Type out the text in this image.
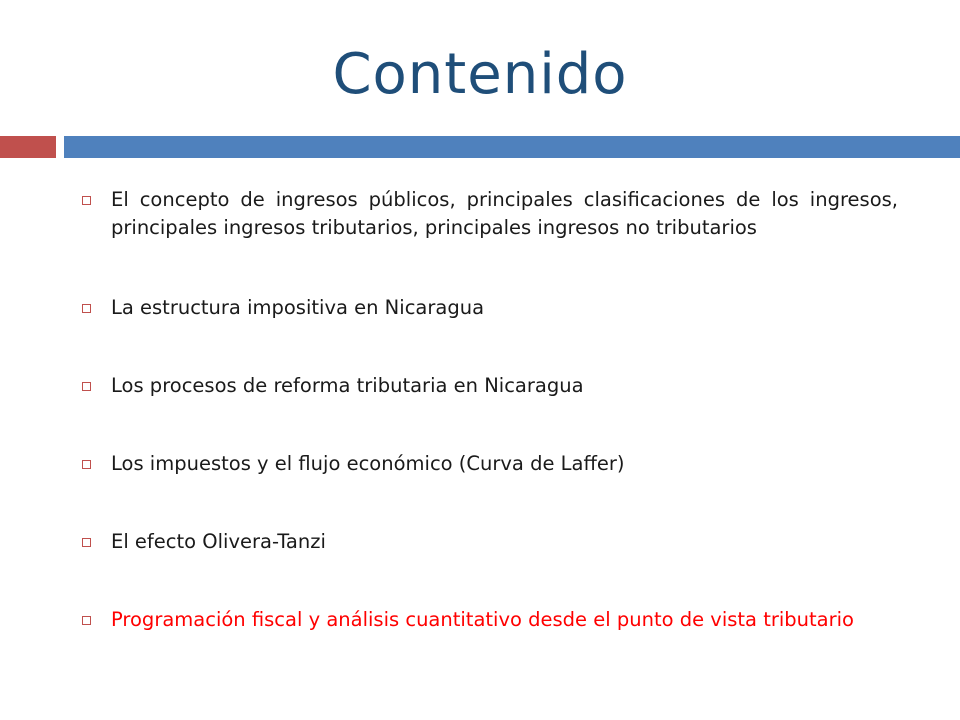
Contenido
El concepto de ingresos públicos, principales clasificaciones de los ingresos, principales ingresos tributarios, principales ingresos no tributarios
La estructura impositiva en Nicaragua
Los procesos de reforma tributaria en Nicaragua
Los impuestos y el flujo económico (Curva de Laffer)
El efecto Olivera-Tanzi
Programación fiscal y análisis cuantitativo desde el punto de vista tributario
